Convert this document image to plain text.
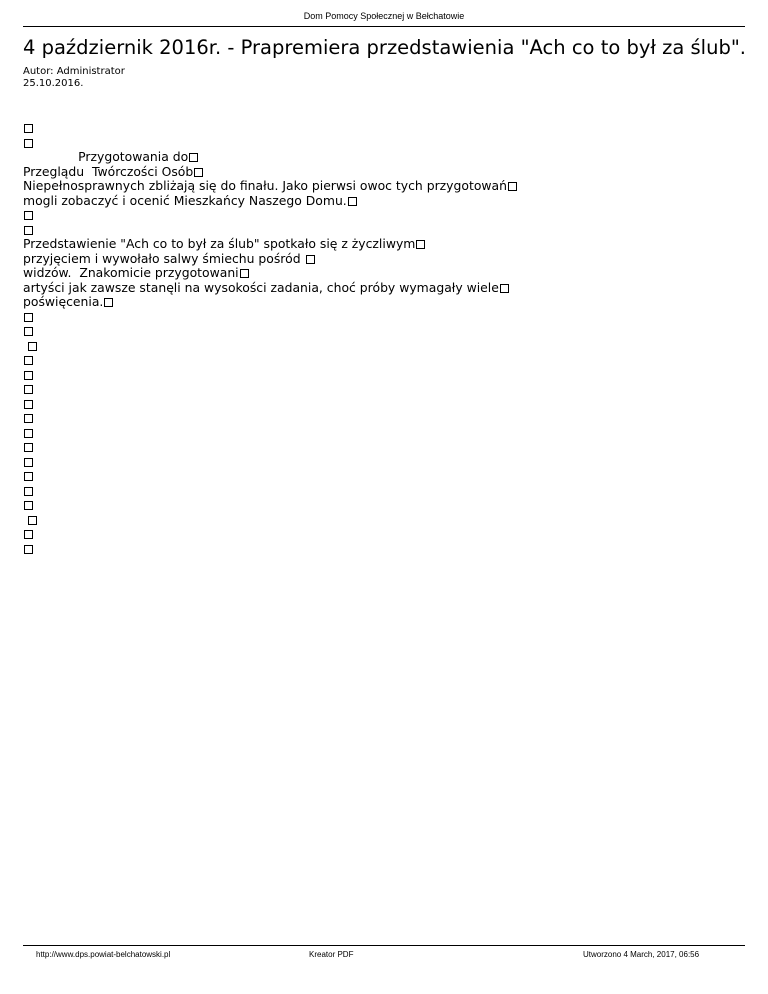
Dom Pomocy Społecznej w Bełchatowie
4 październik 2016r. - Prapremiera przedstawienia "Ach co to był za ślub".
Autor: Administrator
25.10.2016.
Przygotowania do
Przeglądu  Twórczości Osób
Niepełnosprawnych zbliżają się do finału. Jako pierwsi owoc tych przygotowań
mogli zobaczyć i ocenić Mieszkańcy Naszego Domu.
Przedstawienie "Ach co to był za ślub" spotkało się z życzliwym
przyjęciem i wywołało salwy śmiechu pośród
widzów.  Znakomicie przygotowani
artyści jak zawsze stanęli na wysokości zadania, choć próby wymagały wiele
poświęcenia.

http://www.dps.powiat-belchatowski.pl	Kreator PDF	Utworzono 4 March, 2017, 06:56
